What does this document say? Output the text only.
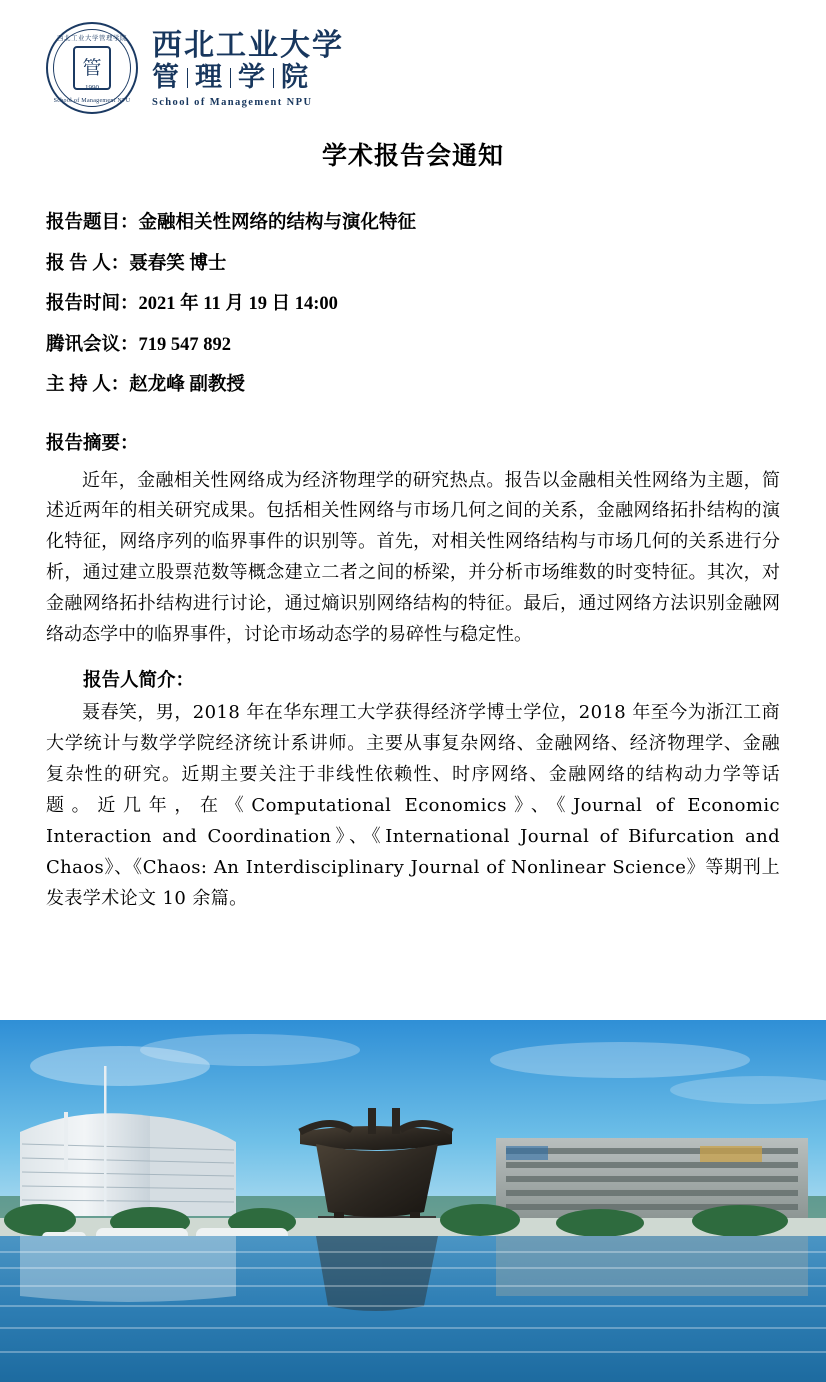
西北工业大学管理学院
管
1990
School of Management NPU
西北工业大学
管 理 学 院
School of Management NPU
学术报告会通知
报告题目：金融相关性网络的结构与演化特征
报 告 人：聂春笑 博士
报告时间：2021 年 11 月 19 日 14:00
腾讯会议：719 547 892
主 持 人：赵龙峰 副教授
报告摘要：
近年，金融相关性网络成为经济物理学的研究热点。报告以金融相关性网络为主题，简述近两年的相关研究成果。包括相关性网络与市场几何之间的关系，金融网络拓扑结构的演化特征，网络序列的临界事件的识别等。首先，对相关性网络结构与市场几何的关系进行分析，通过建立股票范数等概念建立二者之间的桥梁，并分析市场维数的时变特征。其次，对金融网络拓扑结构进行讨论，通过熵识别网络结构的特征。最后，通过网络方法识别金融网络动态学中的临界事件，讨论市场动态学的易碎性与稳定性。
报告人简介：
聂春笑，男，2018 年在华东理工大学获得经济学博士学位，2018 年至今为浙江工商大学统计与数学学院经济统计系讲师。主要从事复杂网络、金融网络、经济物理学、金融复杂性的研究。近期主要关注于非线性依赖性、时序网络、金融网络的结构动力学等话题。近几年，在《Computational Economics》、《Journal of Economic Interaction and Coordination》、《International Journal of Bifurcation and Chaos》、《Chaos: An Interdisciplinary Journal of Nonlinear Science》等期刊上发表学术论文 10 余篇。
